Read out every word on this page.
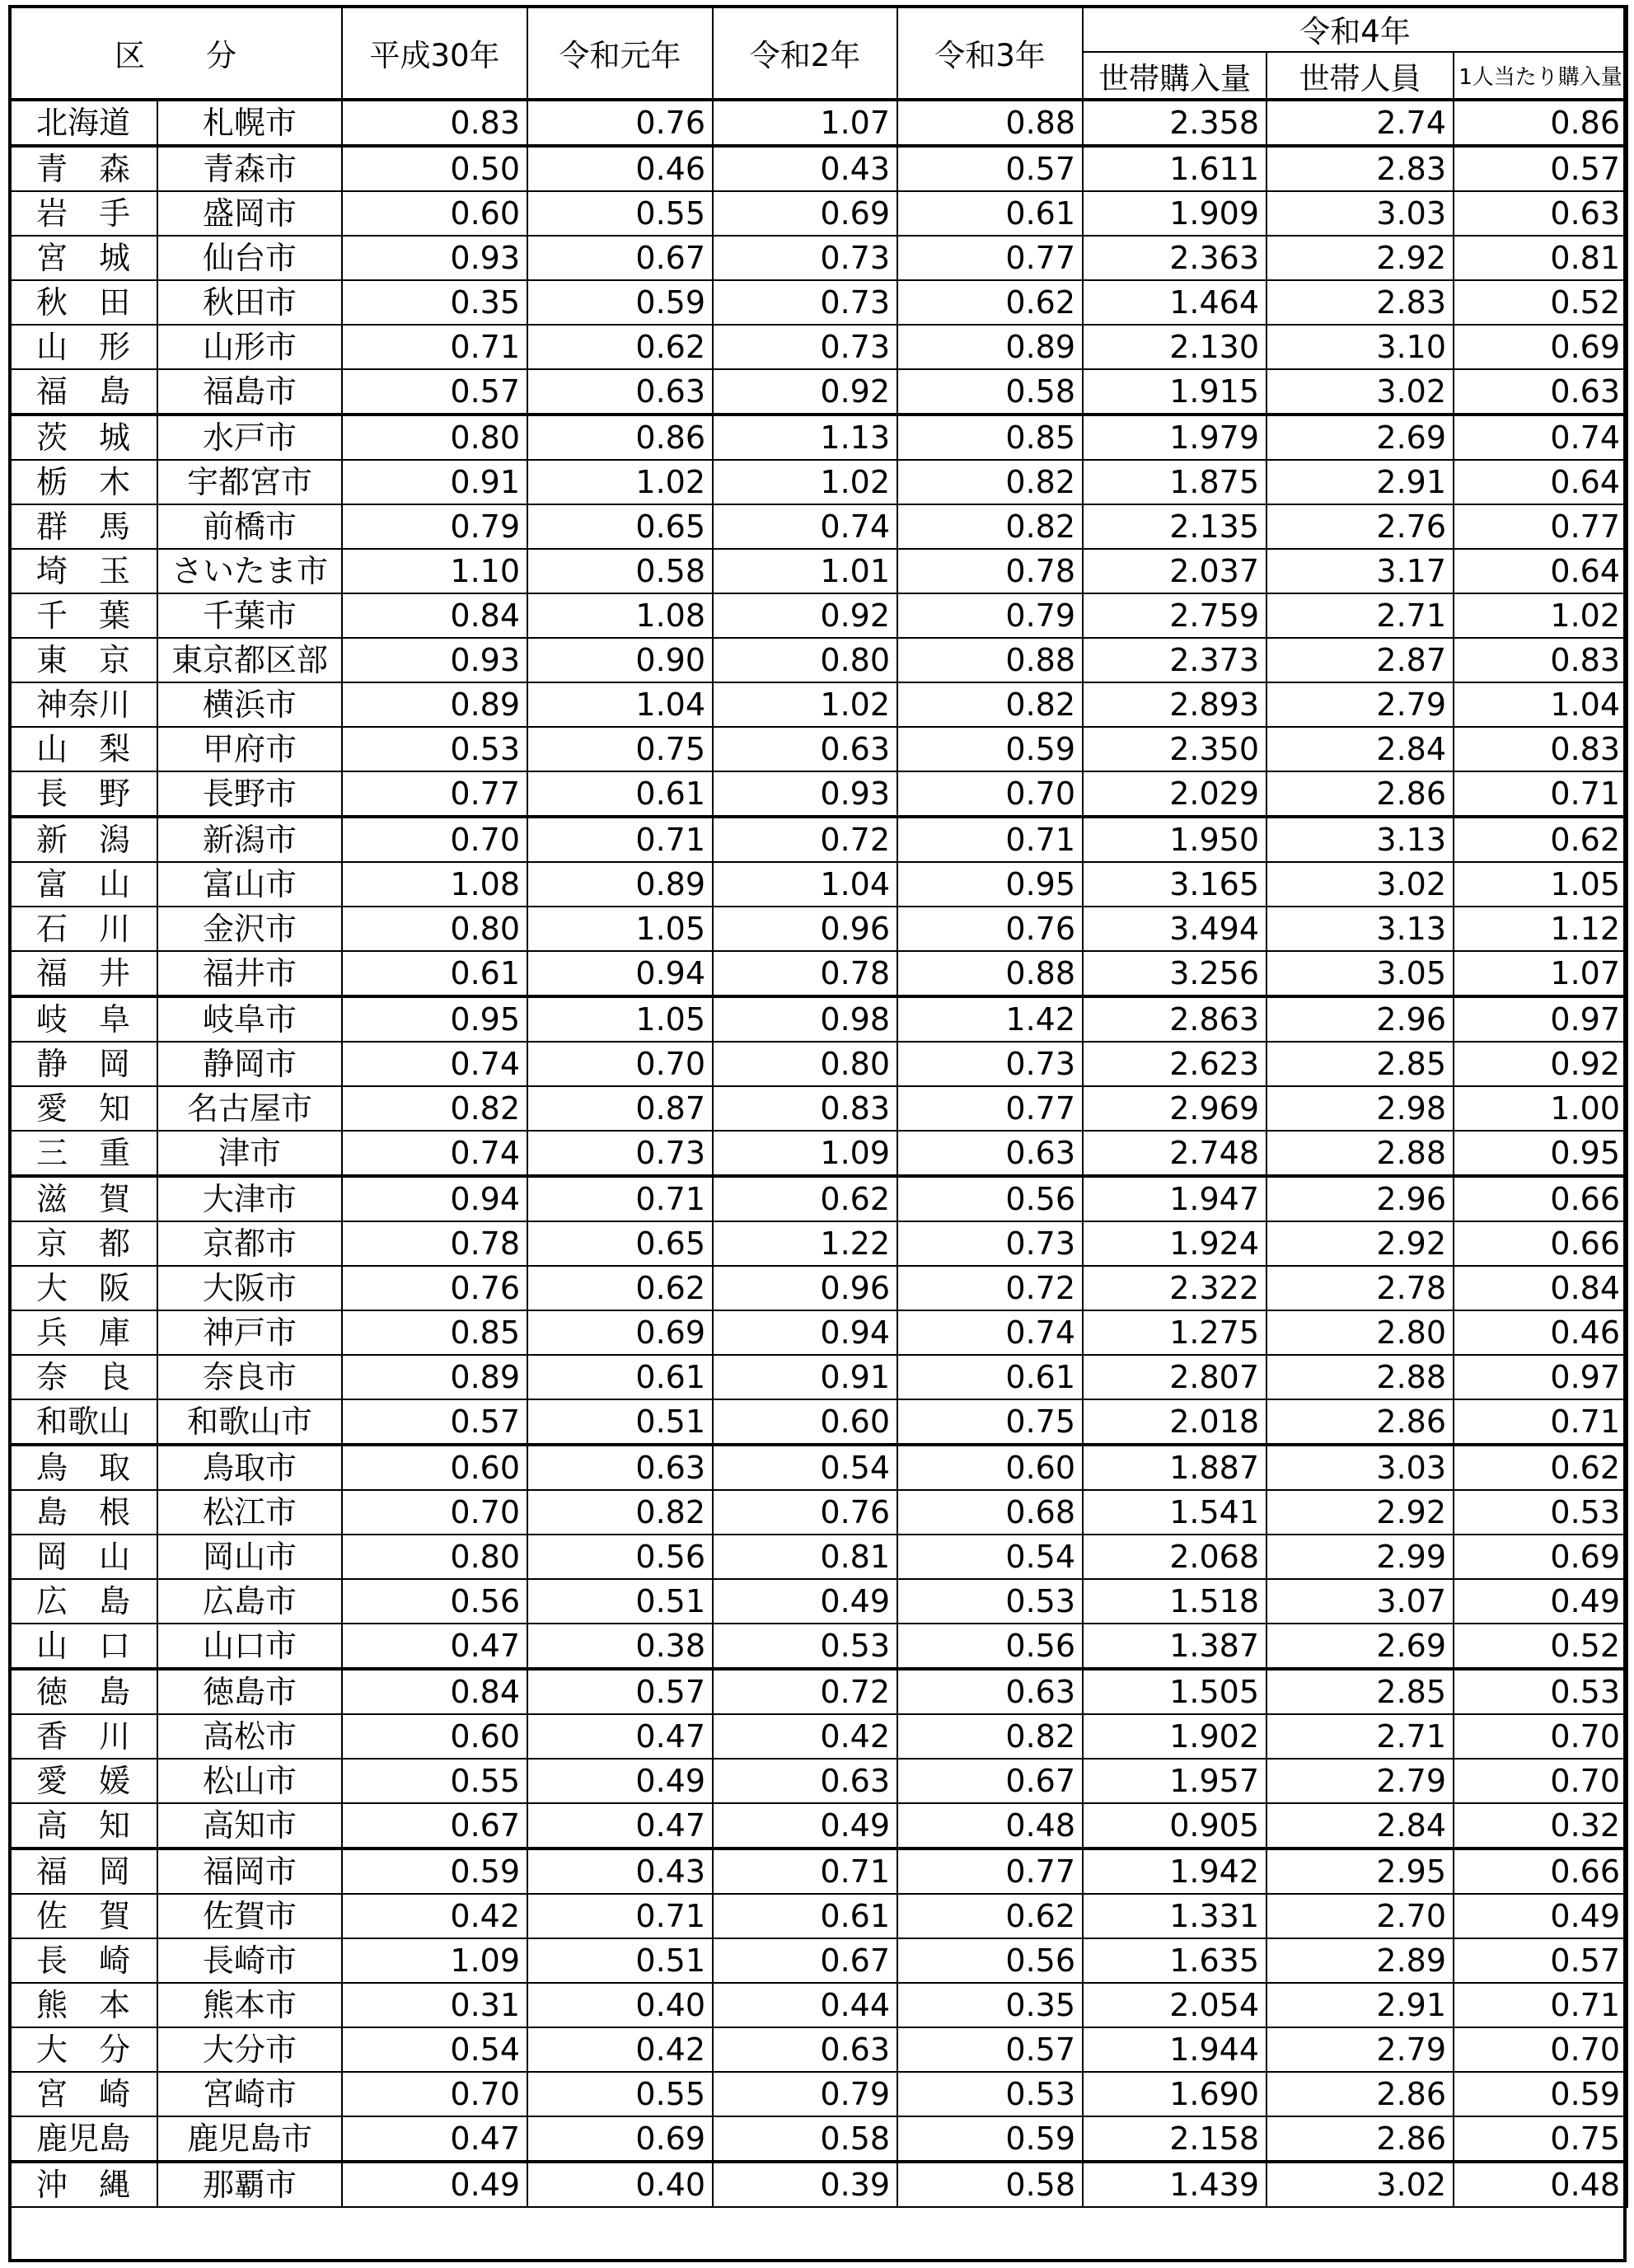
区　　分		平成30年	令和元年	令和2年	令和3年	令和4年		
						世帯購入量	世帯人員	1人当たり購入量
北海道	札幌市	0.83	0.76	1.07	0.88	2.358	2.74	0.86
青　森	青森市	0.50	0.46	0.43	0.57	1.611	2.83	0.57
岩　手	盛岡市	0.60	0.55	0.69	0.61	1.909	3.03	0.63
宮　城	仙台市	0.93	0.67	0.73	0.77	2.363	2.92	0.81
秋　田	秋田市	0.35	0.59	0.73	0.62	1.464	2.83	0.52
山　形	山形市	0.71	0.62	0.73	0.89	2.130	3.10	0.69
福　島	福島市	0.57	0.63	0.92	0.58	1.915	3.02	0.63
茨　城	水戸市	0.80	0.86	1.13	0.85	1.979	2.69	0.74
栃　木	宇都宮市	0.91	1.02	1.02	0.82	1.875	2.91	0.64
群　馬	前橋市	0.79	0.65	0.74	0.82	2.135	2.76	0.77
埼　玉	さいたま市	1.10	0.58	1.01	0.78	2.037	3.17	0.64
千　葉	千葉市	0.84	1.08	0.92	0.79	2.759	2.71	1.02
東　京	東京都区部	0.93	0.90	0.80	0.88	2.373	2.87	0.83
神奈川	横浜市	0.89	1.04	1.02	0.82	2.893	2.79	1.04
山　梨	甲府市	0.53	0.75	0.63	0.59	2.350	2.84	0.83
長　野	長野市	0.77	0.61	0.93	0.70	2.029	2.86	0.71
新　潟	新潟市	0.70	0.71	0.72	0.71	1.950	3.13	0.62
富　山	富山市	1.08	0.89	1.04	0.95	3.165	3.02	1.05
石　川	金沢市	0.80	1.05	0.96	0.76	3.494	3.13	1.12
福　井	福井市	0.61	0.94	0.78	0.88	3.256	3.05	1.07
岐　阜	岐阜市	0.95	1.05	0.98	1.42	2.863	2.96	0.97
静　岡	静岡市	0.74	0.70	0.80	0.73	2.623	2.85	0.92
愛　知	名古屋市	0.82	0.87	0.83	0.77	2.969	2.98	1.00
三　重	津市	0.74	0.73	1.09	0.63	2.748	2.88	0.95
滋　賀	大津市	0.94	0.71	0.62	0.56	1.947	2.96	0.66
京　都	京都市	0.78	0.65	1.22	0.73	1.924	2.92	0.66
大　阪	大阪市	0.76	0.62	0.96	0.72	2.322	2.78	0.84
兵　庫	神戸市	0.85	0.69	0.94	0.74	1.275	2.80	0.46
奈　良	奈良市	0.89	0.61	0.91	0.61	2.807	2.88	0.97
和歌山	和歌山市	0.57	0.51	0.60	0.75	2.018	2.86	0.71
鳥　取	鳥取市	0.60	0.63	0.54	0.60	1.887	3.03	0.62
島　根	松江市	0.70	0.82	0.76	0.68	1.541	2.92	0.53
岡　山	岡山市	0.80	0.56	0.81	0.54	2.068	2.99	0.69
広　島	広島市	0.56	0.51	0.49	0.53	1.518	3.07	0.49
山　口	山口市	0.47	0.38	0.53	0.56	1.387	2.69	0.52
徳　島	徳島市	0.84	0.57	0.72	0.63	1.505	2.85	0.53
香　川	高松市	0.60	0.47	0.42	0.82	1.902	2.71	0.70
愛　媛	松山市	0.55	0.49	0.63	0.67	1.957	2.79	0.70
高　知	高知市	0.67	0.47	0.49	0.48	0.905	2.84	0.32
福　岡	福岡市	0.59	0.43	0.71	0.77	1.942	2.95	0.66
佐　賀	佐賀市	0.42	0.71	0.61	0.62	1.331	2.70	0.49
長　崎	長崎市	1.09	0.51	0.67	0.56	1.635	2.89	0.57
熊　本	熊本市	0.31	0.40	0.44	0.35	2.054	2.91	0.71
大　分	大分市	0.54	0.42	0.63	0.57	1.944	2.79	0.70
宮　崎	宮崎市	0.70	0.55	0.79	0.53	1.690	2.86	0.59
鹿児島	鹿児島市	0.47	0.69	0.58	0.59	2.158	2.86	0.75
沖　縄	那覇市	0.49	0.40	0.39	0.58	1.439	3.02	0.48
